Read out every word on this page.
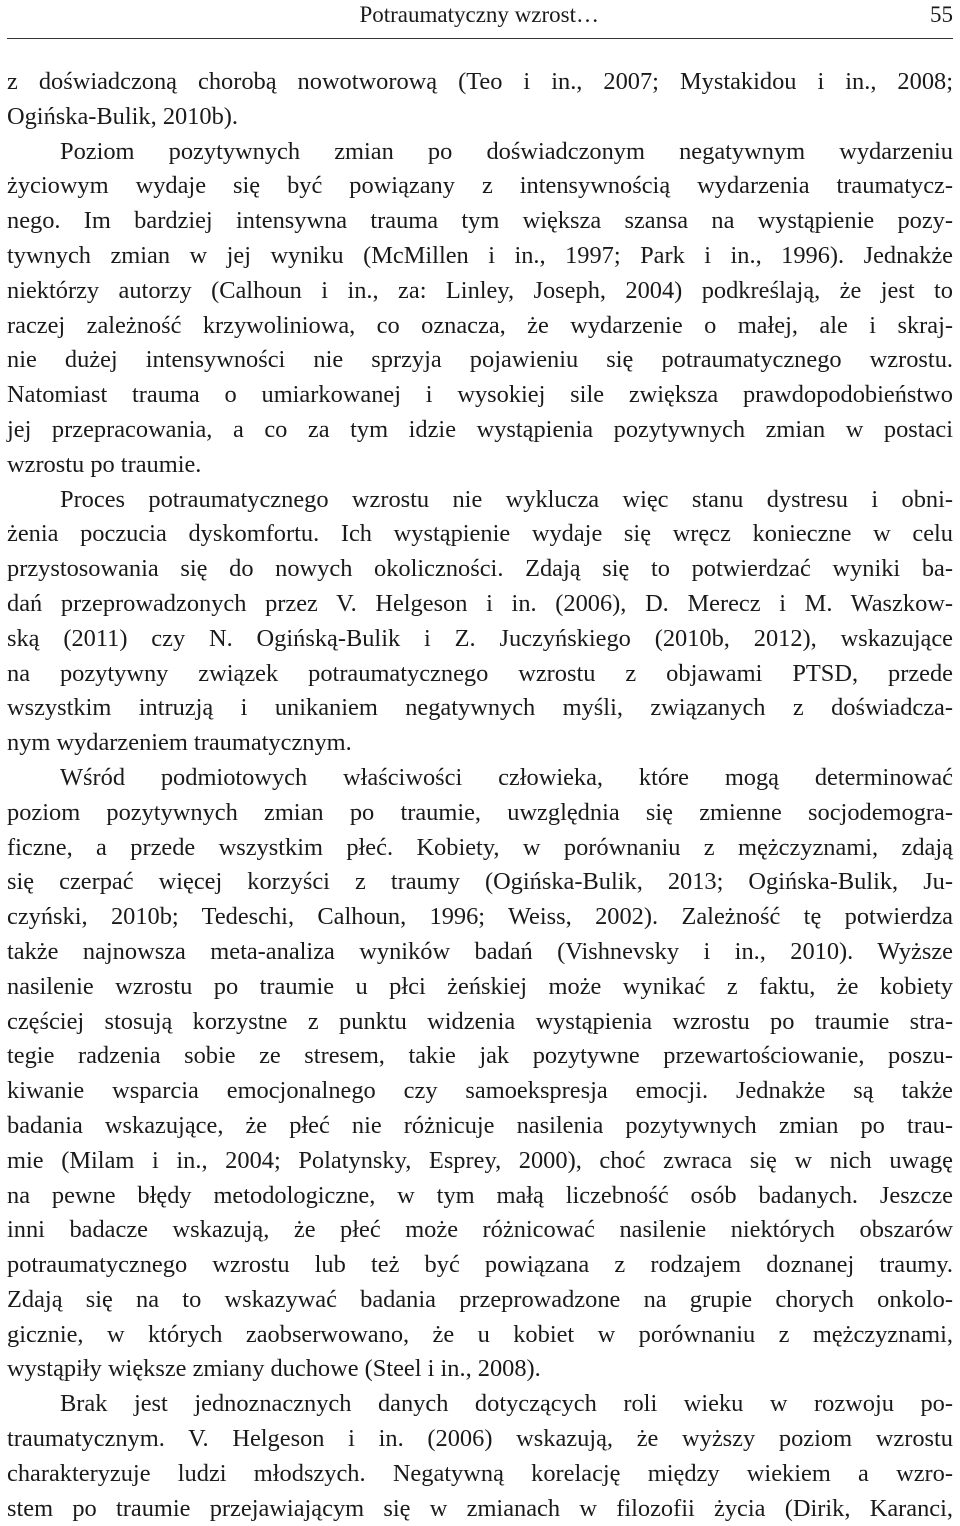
Potraumatyczny wzrost…	55
z doświadczoną chorobą nowotworową (Teo i in., 2007; Mystakidou i in., 2008;
Ogińska-Bulik, 2010b).
Poziom pozytywnych zmian po doświadczonym negatywnym wydarzeniu
życiowym wydaje się być powiązany z intensywnością wydarzenia traumatycz-
nego. Im bardziej intensywna trauma tym większa szansa na wystąpienie pozy-
tywnych zmian w jej wyniku (McMillen i in., 1997; Park i in., 1996). Jednakże
niektórzy autorzy (Calhoun i in., za: Linley, Joseph, 2004) podkreślają, że jest to
raczej zależność krzywoliniowa, co oznacza, że wydarzenie o małej, ale i skraj-
nie dużej intensywności nie sprzyja pojawieniu się potraumatycznego wzrostu.
Natomiast trauma o umiarkowanej i wysokiej sile zwiększa prawdopodobieństwo
jej przepracowania, a co za tym idzie wystąpienia pozytywnych zmian w postaci
wzrostu po traumie.
Proces potraumatycznego wzrostu nie wyklucza więc stanu dystresu i obni-
żenia poczucia dyskomfortu. Ich wystąpienie wydaje się wręcz konieczne w celu
przystosowania się do nowych okoliczności. Zdają się to potwierdzać wyniki ba-
dań przeprowadzonych przez V. Helgeson i in. (2006), D. Merecz i M. Waszkow-
ską (2011) czy N. Ogińską-Bulik i Z. Juczyńskiego (2010b, 2012), wskazujące
na pozytywny związek potraumatycznego wzrostu z objawami PTSD, przede
wszystkim intruzją i unikaniem negatywnych myśli, związanych z doświadcza-
nym wydarzeniem traumatycznym.
Wśród podmiotowych właściwości człowieka, które mogą determinować
poziom pozytywnych zmian po traumie, uwzględnia się zmienne socjodemogra-
ficzne, a przede wszystkim płeć. Kobiety, w porównaniu z mężczyznami, zdają
się czerpać więcej korzyści z traumy (Ogińska-Bulik, 2013; Ogińska-Bulik, Ju-
czyński, 2010b; Tedeschi, Calhoun, 1996; Weiss, 2002). Zależność tę potwierdza
także najnowsza meta-analiza wyników badań (Vishnevsky i in., 2010). Wyższe
nasilenie wzrostu po traumie u płci żeńskiej może wynikać z faktu, że kobiety
częściej stosują korzystne z punktu widzenia wystąpienia wzrostu po traumie stra-
tegie radzenia sobie ze stresem, takie jak pozytywne przewartościowanie, poszu-
kiwanie wsparcia emocjonalnego czy samoekspresja emocji. Jednakże są także
badania wskazujące, że płeć nie różnicuje nasilenia pozytywnych zmian po trau-
mie (Milam i in., 2004; Polatynsky, Esprey, 2000), choć zwraca się w nich uwagę
na pewne błędy metodologiczne, w tym małą liczebność osób badanych. Jeszcze
inni badacze wskazują, że płeć może różnicować nasilenie niektórych obszarów
potraumatycznego wzrostu lub też być powiązana z rodzajem doznanej traumy.
Zdają się na to wskazywać badania przeprowadzone na grupie chorych onkolo-
gicznie, w których zaobserwowano, że u kobiet w porównaniu z mężczyznami,
wystąpiły większe zmiany duchowe (Steel i in., 2008).
Brak jest jednoznacznych danych dotyczących roli wieku w rozwoju po-
traumatycznym. V. Helgeson i in. (2006) wskazują, że wyższy poziom wzrostu
charakteryzuje ludzi młodszych. Negatywną korelację między wiekiem a wzro-
stem po traumie przejawiającym się w zmianach w filozofii życia (Dirik, Karanci,
